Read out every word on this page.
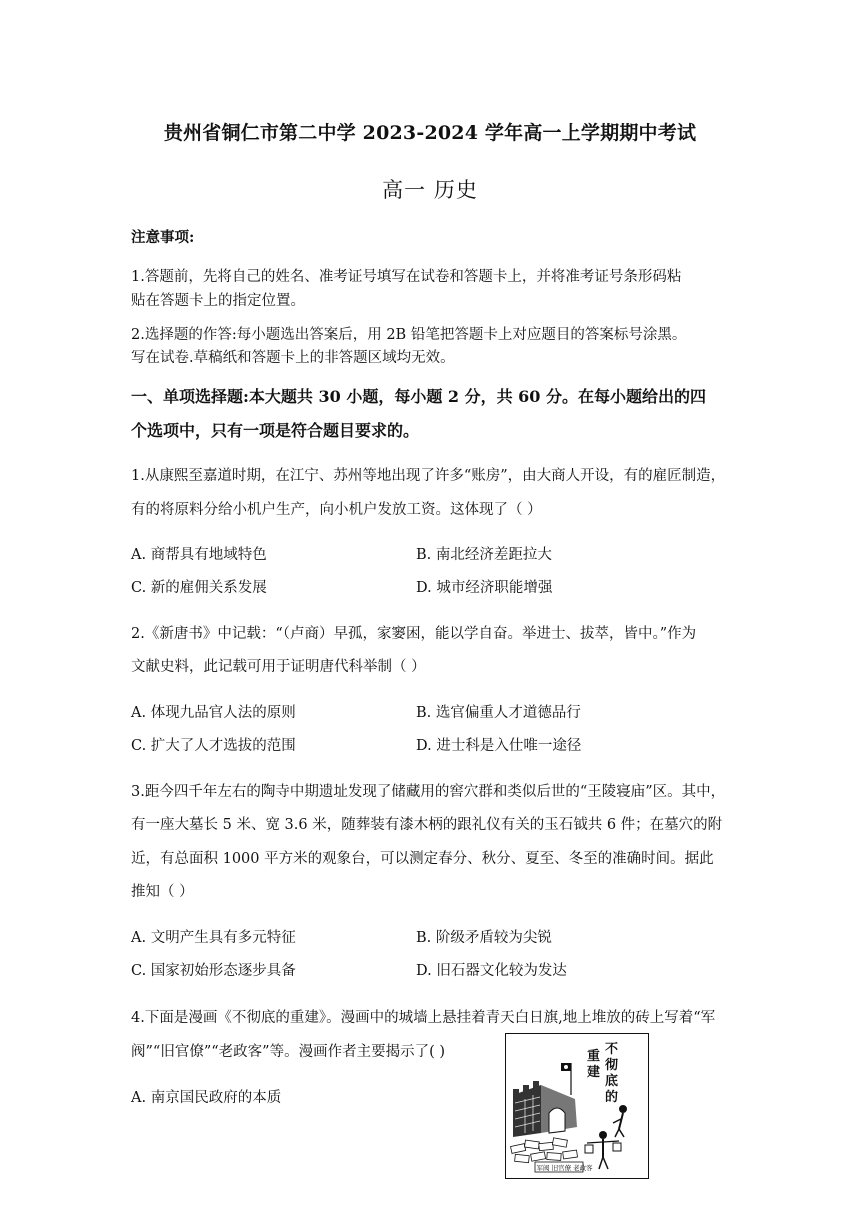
贵州省铜仁市第二中学 2023-2024 学年高一上学期期中考试
高一 历史
注意事项:
1.答题前，先将自己的姓名、准考证号填写在试卷和答题卡上，并将准考证号条形码粘
贴在答题卡上的指定位置。
2.选择题的作答:每小题选出答案后，用 2B 铅笔把答题卡上对应题目的答案标号涂黑。
写在试卷.草稿纸和答题卡上的非答题区域均无效。
一、单项选择题:本大题共 30 小题，每小题 2 分，共 60 分。在每小题给出的四
个选项中，只有一项是符合题目要求的。
1.从康熙至嘉道时期，在江宁、苏州等地出现了许多“账房”，由大商人开设，有的雇匠制造，
有的将原料分给小机户生产，向小机户发放工资。这体现了（ ）
A. 商帮具有地域特色	B. 南北经济差距拉大
C. 新的雇佣关系发展	D. 城市经济职能增强
2.《新唐书》中记载：“（卢商）早孤，家窭困，能以学自奋。举进士、拔萃，皆中。”作为
文献史料，此记载可用于证明唐代科举制（ ）
A. 体现九品官人法的原则	B. 选官偏重人才道德品行
C. 扩大了人才选拔的范围	D. 进士科是入仕唯一途径
3.距今四千年左右的陶寺中期遗址发现了储藏用的窖穴群和类似后世的“王陵寝庙”区。其中，
有一座大墓长 5 米、宽 3.6 米，随葬装有漆木柄的跟礼仪有关的玉石钺共 6 件；在墓穴的附
近，有总面积 1000 平方米的观象台，可以测定春分、秋分、夏至、冬至的准确时间。据此
推知（ ）
A. 文明产生具有多元特征	B. 阶级矛盾较为尖锐
C. 国家初始形态逐步具备	D. 旧石器文化较为发达
4.下面是漫画《不彻底的重建》。漫画中的城墙上悬挂着青天白日旗,地上堆放的砖上写着“军
阀”“旧官僚”“老政客”等。漫画作者主要揭示了( )
A. 南京国民政府的本质
不
彻
底
的
重
建
军阀 旧官僚 老政客
